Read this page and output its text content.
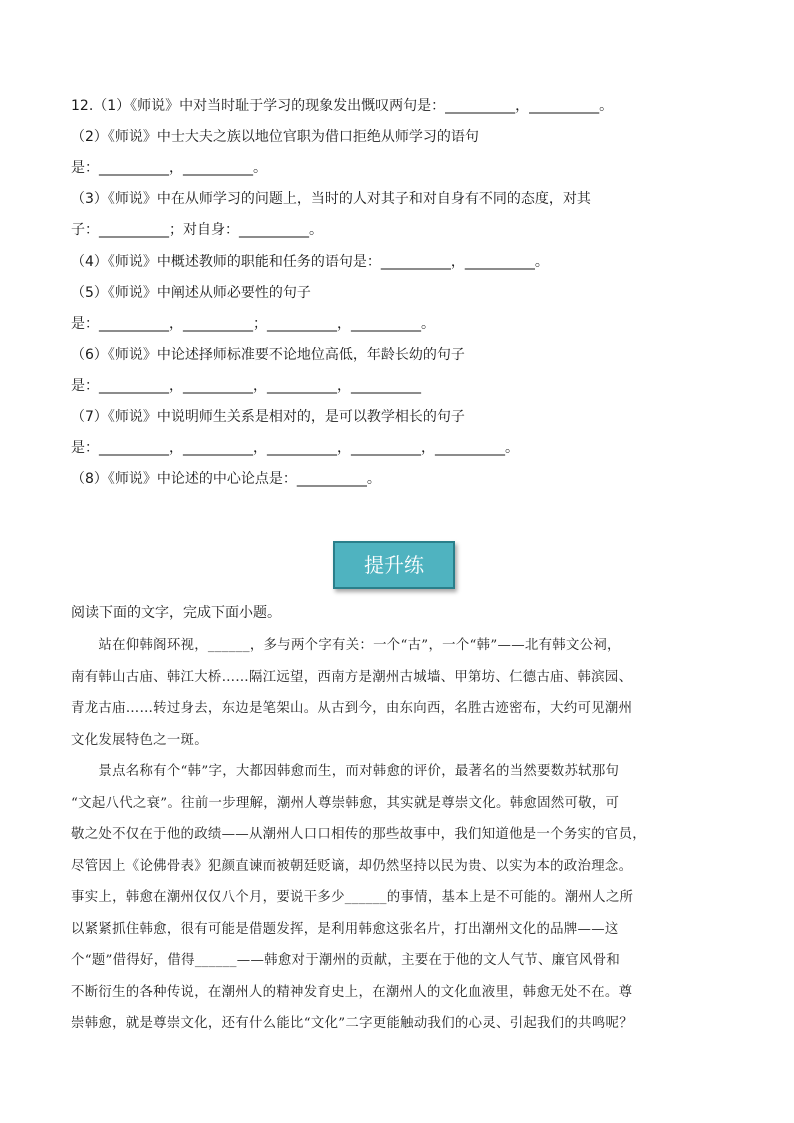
12.（1）《师说》中对当时耻于学习的现象发出慨叹两句是：__________，__________。
（2）《师说》中士大夫之族以地位官职为借口拒绝从师学习的语句
是：__________，__________。
（3）《师说》中在从师学习的问题上，当时的人对其子和对自身有不同的态度，对其
子：__________；对自身：__________。
（4）《师说》中概述教师的职能和任务的语句是：__________，__________。
（5）《师说》中阐述从师必要性的句子
是：__________，__________；__________，__________。
（6）《师说》中论述择师标准要不论地位高低，年龄长幼的句子
是：__________，__________，__________，__________
（7）《师说》中说明师生关系是相对的，是可以教学相长的句子
是：__________，__________，__________，__________，__________。
（8）《师说》中论述的中心论点是：__________。
提升练
阅读下面的文字，完成下面小题。
　　站在仰韩阁环视，______，多与两个字有关：一个“古”，一个“韩”——北有韩文公祠，
南有韩山古庙、韩江大桥……隔江远望，西南方是潮州古城墙、甲第坊、仁德古庙、韩滨园、
青龙古庙……转过身去，东边是笔架山。从古到今，由东向西，名胜古迹密布，大约可见潮州
文化发展特色之一斑。
　　景点名称有个“韩”字，大都因韩愈而生，而对韩愈的评价，最著名的当然要数苏轼那句
“文起八代之衰”。往前一步理解，潮州人尊崇韩愈，其实就是尊崇文化。韩愈固然可敬，可
敬之处不仅在于他的政绩——从潮州人口口相传的那些故事中，我们知道他是一个务实的官员，
尽管因上《论佛骨表》犯颜直谏而被朝廷贬谪，却仍然坚持以民为贵、以实为本的政治理念。
事实上，韩愈在潮州仅仅八个月，要说干多少______的事情，基本上是不可能的。潮州人之所
以紧紧抓住韩愈，很有可能是借题发挥，是利用韩愈这张名片，打出潮州文化的品牌——这
个“题”借得好，借得______——韩愈对于潮州的贡献，主要在于他的文人气节、廉官风骨和
不断衍生的各种传说，在潮州人的精神发育史上，在潮州人的文化血液里，韩愈无处不在。尊
崇韩愈，就是尊崇文化，还有什么能比“文化”二字更能触动我们的心灵、引起我们的共鸣呢？
